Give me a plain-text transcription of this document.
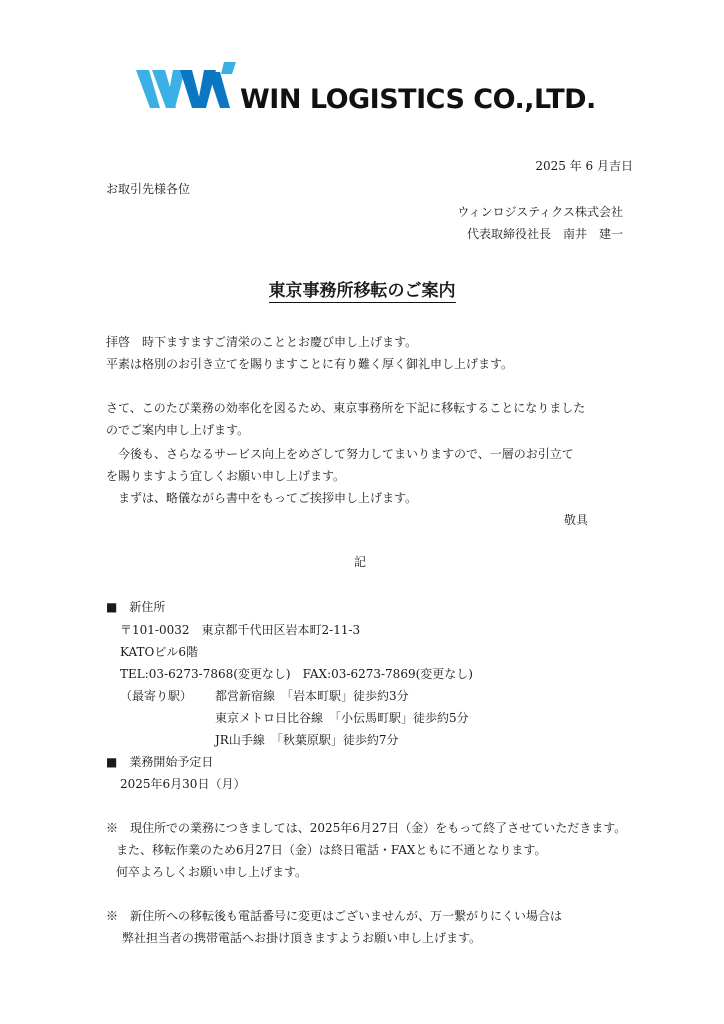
WIN LOGISTICS CO.,LTD.
2025 年 6 月吉日
お取引先様各位
ウィンロジスティクス株式会社
代表取締役社長　南井　建一
東京事務所移転のご案内
拝啓　時下ますますご清栄のこととお慶び申し上げます。
平素は格別のお引き立てを賜りますことに有り難く厚く御礼申し上げます。
さて、このたび業務の効率化を図るため、東京事務所を下記に移転することになりました
のでご案内申し上げます。
　今後も、さらなるサービス向上をめざして努力してまいりますので、一層のお引立て
を賜りますよう宜しくお願い申し上げます。
　まずは、略儀ながら書中をもってご挨拶申し上げます。
敬具
記
■　新住所
〒101-0032　東京都千代田区岩本町2-11-3
KATOビル6階
TEL:03-6273-7868(変更なし)　FAX:03-6273-7869(変更なし)
（最寄り駅） 都営新宿線　「岩本町駅」徒歩約3分
東京メトロ日比谷線　「小伝馬町駅」徒歩約5分
JR山手線　「秋葉原駅」徒歩約7分
■　業務開始予定日
2025年6月30日（月）
※　現住所での業務につきましては、2025年6月27日（金）をもって終了させていただきます。
また、移転作業のため6月27日（金）は終日電話・FAXともに不通となります。
何卒よろしくお願い申し上げます。
※　新住所への移転後も電話番号に変更はございませんが、万一繋がりにくい場合は
弊社担当者の携帯電話へお掛け頂きますようお願い申し上げます。
